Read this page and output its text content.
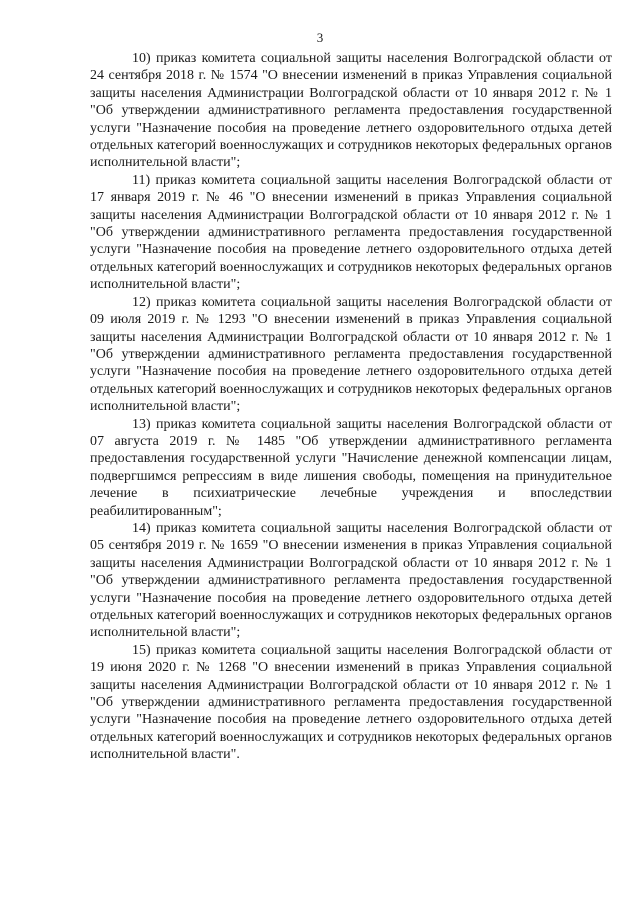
3

10) приказ комитета социальной защиты населения Волгоградской области от 24 сентября 2018 г. № 1574 "О внесении изменений в приказ Управления социальной защиты населения Администрации Волгоградской области от 10 января 2012 г. № 1 "Об утверждении административного регламента предоставления государственной услуги "Назначение пособия на проведение летнего оздоровительного отдыха детей отдельных категорий военнослужащих и сотрудников некоторых федеральных органов исполнительной власти";

11) приказ комитета социальной защиты населения Волгоградской области от 17 января 2019 г. № 46 "О внесении изменений в приказ Управления социальной защиты населения Администрации Волгоградской области от 10 января 2012 г. № 1 "Об утверждении административного регламента предоставления государственной услуги "Назначение пособия на проведение летнего оздоровительного отдыха детей отдельных категорий военнослужащих и сотрудников некоторых федеральных органов исполнительной власти";

12) приказ комитета социальной защиты населения Волгоградской области от 09 июля 2019 г. № 1293 "О внесении изменений в приказ Управления социальной защиты населения Администрации Волгоградской области от 10 января 2012 г. № 1 "Об утверждении административного регламента предоставления государственной услуги "Назначение пособия на проведение летнего оздоровительного отдыха детей отдельных категорий военнослужащих и сотрудников некоторых федеральных органов исполнительной власти";

13) приказ комитета социальной защиты населения Волгоградской области от 07 августа 2019 г. № 1485 "Об утверждении административного регламента предоставления государственной услуги "Начисление денежной компенсации лицам, подвергшимся репрессиям в виде лишения свободы, помещения на принудительное лечение в психиатрические лечебные учреждения и впоследствии реабилитированным";

14) приказ комитета социальной защиты населения Волгоградской области от 05 сентября 2019 г. № 1659 "О внесении изменения в приказ Управления социальной защиты населения Администрации Волгоградской области от 10 января 2012 г. № 1 "Об утверждении административного регламента предоставления государственной услуги "Назначение пособия на проведение летнего оздоровительного отдыха детей отдельных категорий военнослужащих и сотрудников некоторых федеральных органов исполнительной власти";

15) приказ комитета социальной защиты населения Волгоградской области от 19 июня 2020 г. № 1268 "О внесении изменений в приказ Управления социальной защиты населения Администрации Волгоградской области от 10 января 2012 г. № 1 "Об утверждении административного регламента предоставления государственной услуги "Назначение пособия на проведение летнего оздоровительного отдыха детей отдельных категорий военнослужащих и сотрудников некоторых федеральных органов исполнительной власти".
